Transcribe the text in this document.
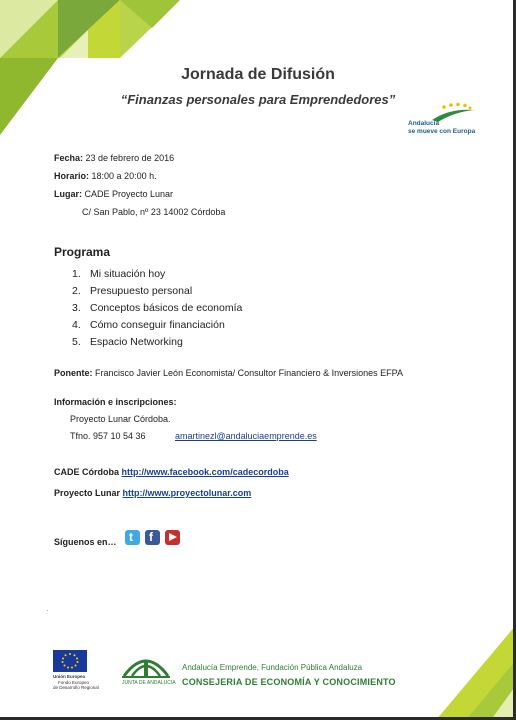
Jornada de Difusión
“Finanzas personales para Emprendedores”
Andalucía
se mueve con Europa
Fecha: 23 de febrero de 2016
Horario: 18:00 a 20:00 h.
Lugar: CADE Proyecto Lunar
C/ San Pablo, nº 23 14002 Córdoba
Programa
1. Mi situación hoy
2. Presupuesto personal
3. Conceptos básicos de economía
4. Cómo conseguir financiación
5. Espacio Networking
Ponente: Francisco Javier León Economista/ Consultor Financiero & Inversiones EFPA
Información e inscripciones:
Proyecto Lunar Córdoba.
Tfno. 957 10 54 36	amartinezl@andaluciaemprende.es
CADE Córdoba http://www.facebook.com/cadecordoba
Proyecto Lunar http://www.proyectolunar.com
Síguenos en… t f
·
Unión Europea
Fondo Europeo
de Desarrollo Regional
JUNTA DE ANDALUCIA
Andalucía Emprende, Fundación Pública Andaluza
CONSEJERIA DE ECONOMÍA Y CONOCIMIENTO
